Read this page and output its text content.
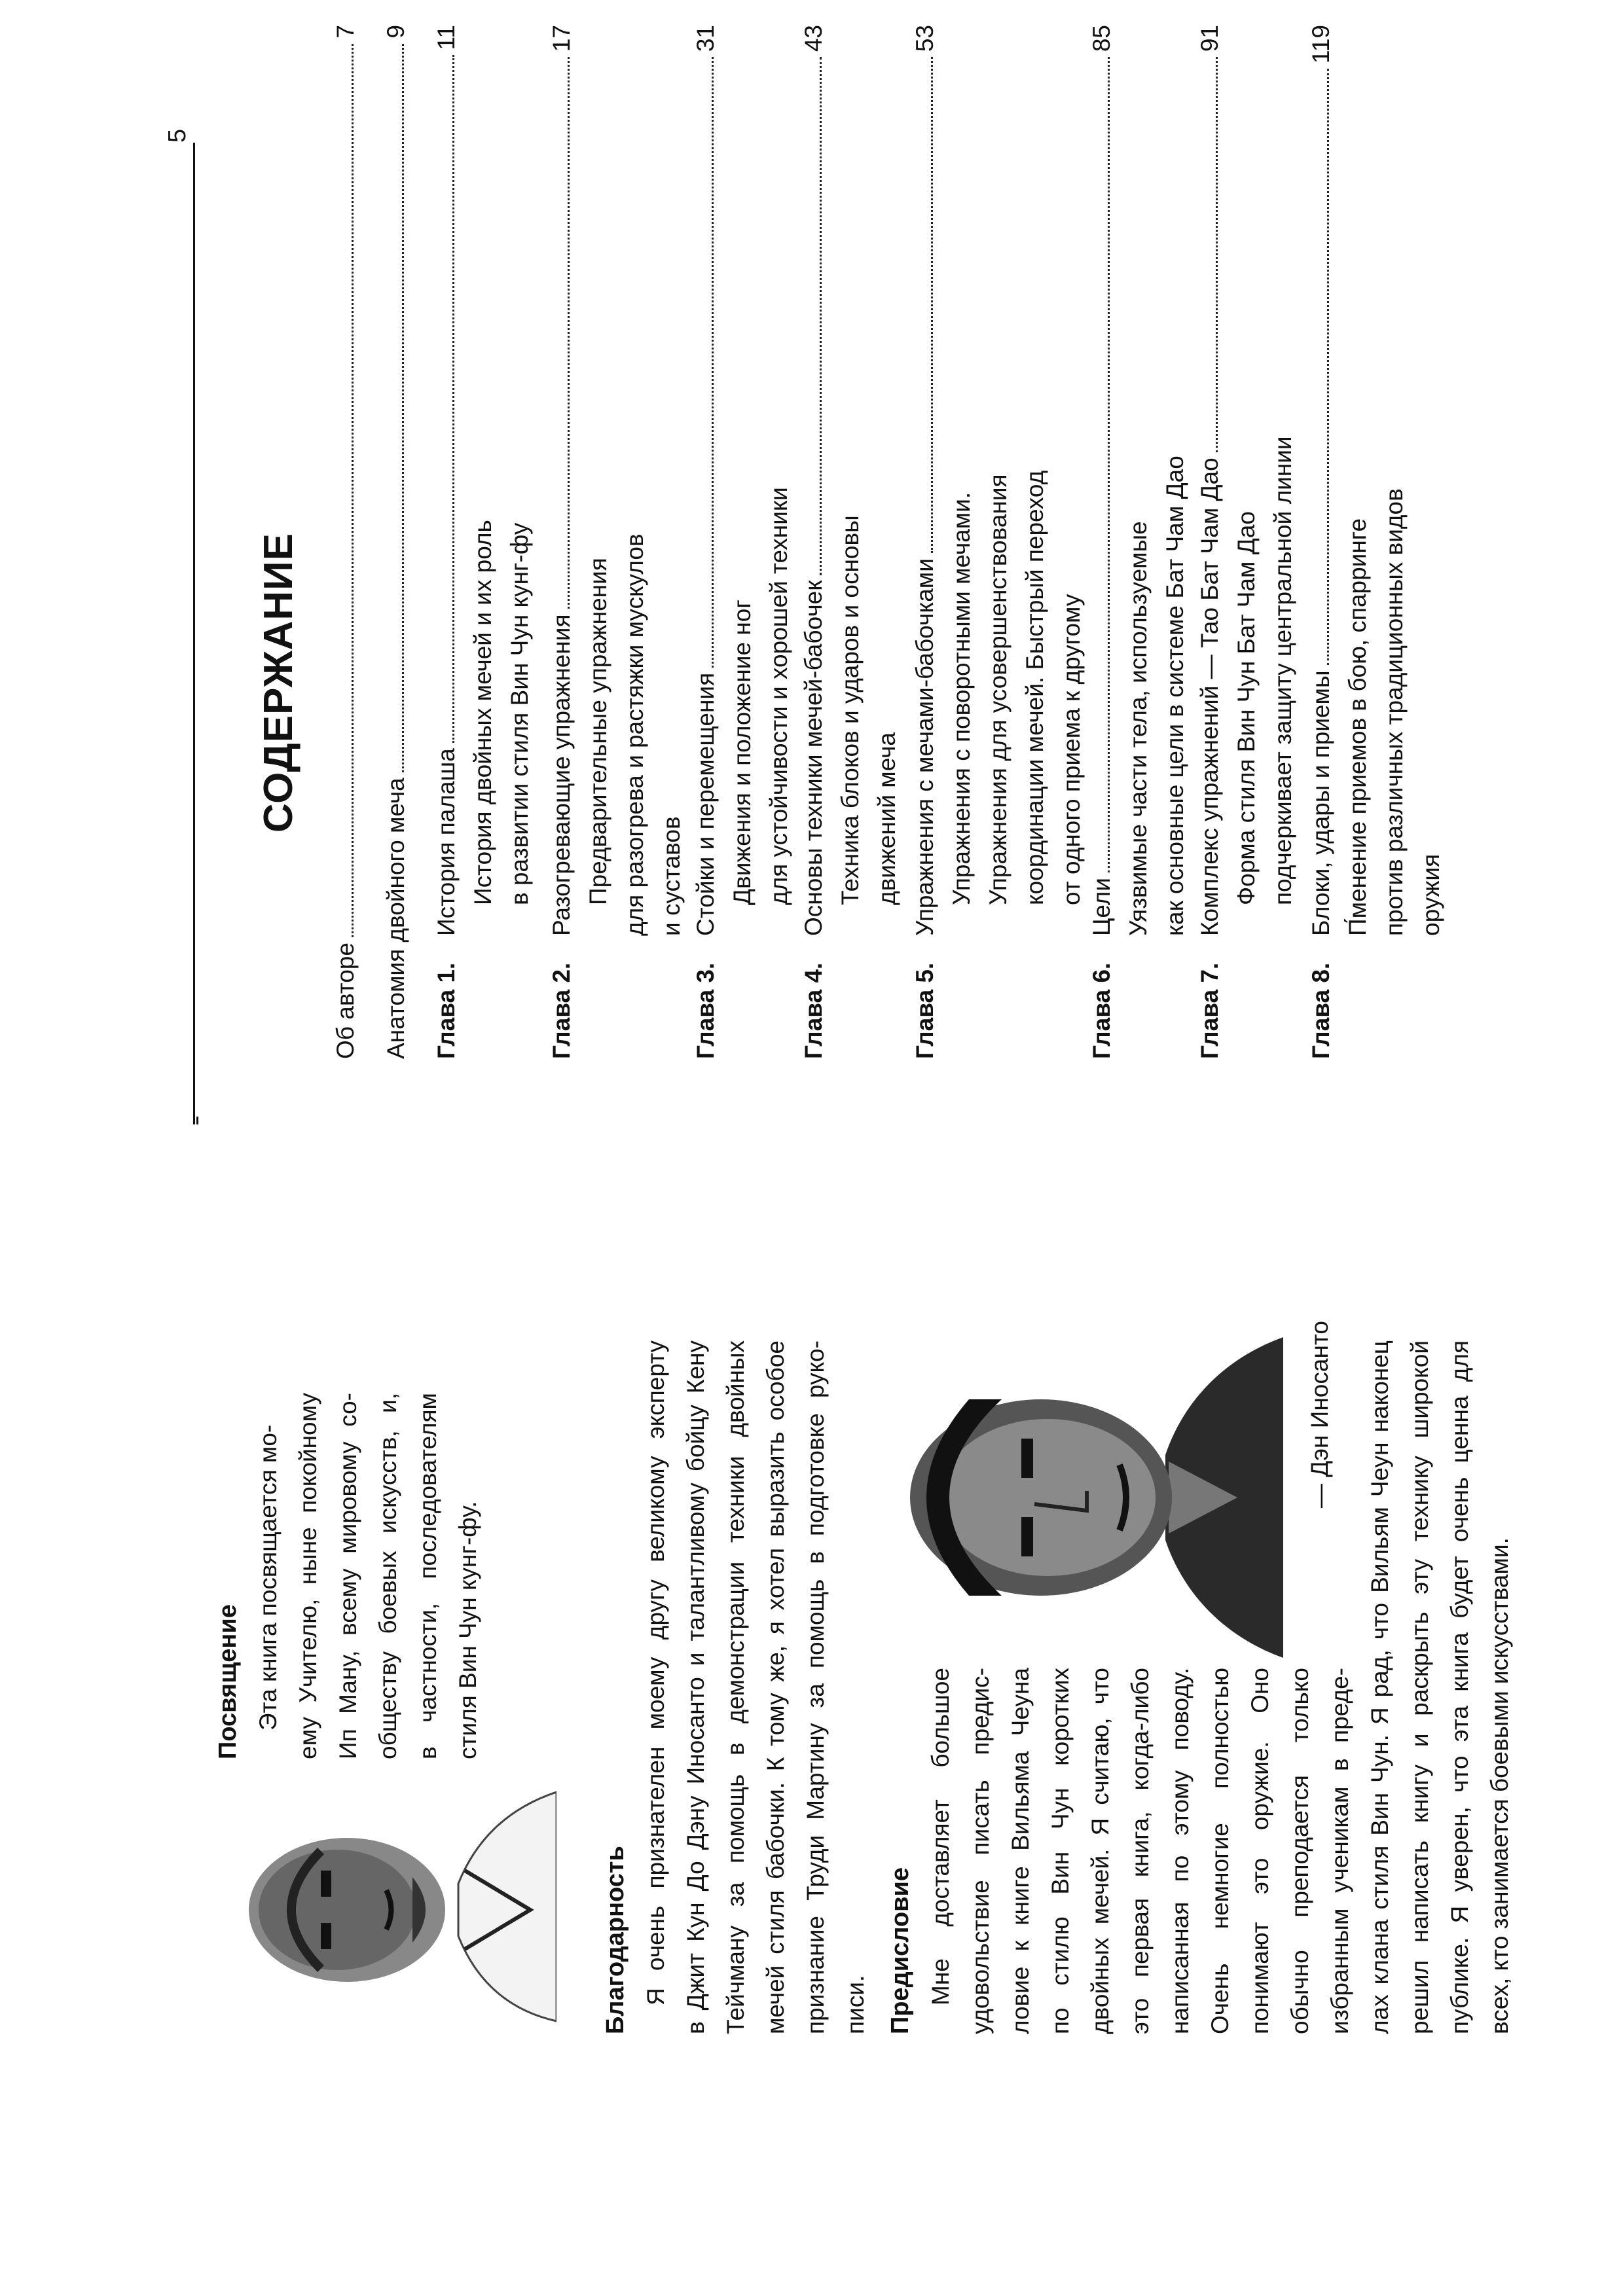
Посвящение Эта книга посвящается мо- ему Учителю, ныне покойному Ип Ману, всему мировому со- обществу боевых искусств, и, в частности, последователям стиля Вин Чун кунг-фу.
Благодарность Я очень признателен моему другу великому эксперту в Джит Кун До Дэну Иносанто и талантливому бойцу Кену Тейчману за помощь в демонстрации техники двойных мечей стиля бабочки. К тому же, я хотел выразить особое признание Труди Мартину за помощь в подготовке руко- писи. Предисловие Мне доставляет большое удовольствие писать предис- ловие к книге Вильяма Чеуна по стилю Вин Чун коротких двойных мечей. Я считаю, что это первая книга, когда-либо написанная по этому поводу. Очень немногие полностью понимают это оружие. Оно обычно преподается только избранным ученикам в преде- лах клана стиля Вин Чун. Я рад, что Вильям Чеун наконец решил написать книгу и раскрыть эту технику широкой публике. Я уверен, что эта книга будет очень ценна для всех, кто занимается боевыми искусствами.
— Дэн Иносанто
5
СОДЕРЖАНИЕ
Об авторе
7
Анатомия двойного меча
9
Глава 1.
История палаша
11
История двойных мечей и их роль в развитии стиля Вин Чун кунг-фу
Глава 2.
Разогревающие упражнения
17
Предварительные упражнения для разогрева и растяжки мускулов и суставов
Глава 3.
Стойки и перемещения
31
Движения и положение ног для устойчивости и хорошей техники
Глава 4.
Основы техники мечей-бабочек
43
Техника блоков и ударов и основы движений меча
Глава 5.
Упражнения с мечами-бабочками
53
Упражнения с поворотными мечами. Упражнения для усовершенствования координации мечей. Быстрый переход от одного приема к другому
Глава 6.
Цели
85
Уязвимые части тела, используемые как основные цели в системе Бат Чам Дао
Глава 7.
Комплекс упражнений — Тао Бат Чам Дао
91
Форма стиля Вин Чун Бат Чам Дао подчеркивает защиту центральной линии
Глава 8.
Блоки, удары и приемы
119
П́менение приемов в бою, спарринге против различных традиционных видов оружия
